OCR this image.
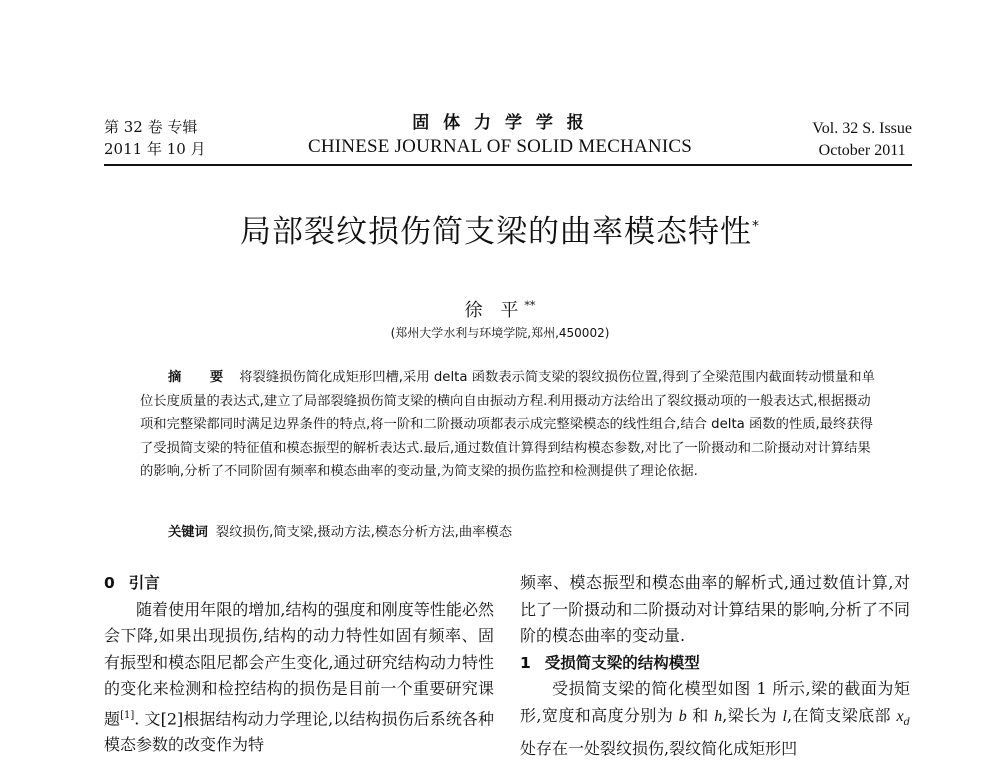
第 32 卷 专辑
2011 年 10 月
固 体 力 学 学 报
CHINESE JOURNAL OF SOLID MECHANICS
Vol. 32 S. Issue
October 2011
局部裂纹损伤简支梁的曲率模态特性*
徐 平**
(郑州大学水利与环境学院,郑州,450002)
摘 要 将裂缝损伤简化成矩形凹槽,采用 delta 函数表示简支梁的裂纹损伤位置,得到了全梁范围内截面转动惯量和单位长度质量的表达式,建立了局部裂缝损伤简支梁的横向自由振动方程.利用摄动方法给出了裂纹摄动项的一般表达式,根据摄动项和完整梁都同时满足边界条件的特点,将一阶和二阶摄动项都表示成完整梁模态的线性组合,结合 delta 函数的性质,最终获得了受损简支梁的特征值和模态振型的解析表达式.最后,通过数值计算得到结构模态参数,对比了一阶摄动和二阶摄动对计算结果的影响,分析了不同阶固有频率和模态曲率的变动量,为简支梁的损伤监控和检测提供了理论依据.
关键词 裂纹损伤,简支梁,摄动方法,模态分析方法,曲率模态
0 引言
随着使用年限的增加,结构的强度和刚度等性能必然会下降,如果出现损伤,结构的动力特性如固有频率、固有振型和模态阻尼都会产生变化,通过研究结构动力特性的变化来检测和检控结构的损伤是目前一个重要研究课题[1]. 文[2]根据结构动力学理论,以结构损伤后系统各种模态参数的改变作为特
频率、模态振型和模态曲率的解析式,通过数值计算,对比了一阶摄动和二阶摄动对计算结果的影响,分析了不同阶的模态曲率的变动量.
1 受损简支梁的结构模型
受损简支梁的简化模型如图 1 所示,梁的截面为矩形,宽度和高度分别为 b 和 h,梁长为 l,在简支梁底部 $x_d$ 处存在一处裂纹损伤,裂纹简化成矩形凹
